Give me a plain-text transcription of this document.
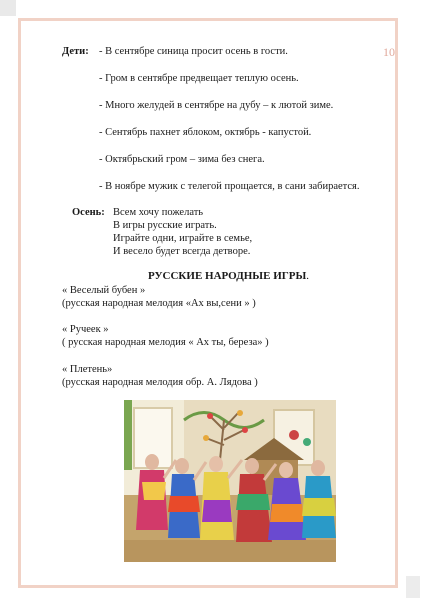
10
Дети: - В сентябре синица просит осень в гости.
- Гром в сентябре предвещает теплую осень.
- Много желудей в сентябре на дубу – к лютой зиме.
- Сентябрь пахнет яблоком, октябрь - капустой.
- Октябрьский гром – зима без снега.
- В ноябре мужик с телегой прощается, в сани забирается.
Осень: Всем хочу пожелать
В игры русские играть.
Играйте одни, играйте в семье,
И весело будет всегда детворе.
РУССКИЕ НАРОДНЫЕ ИГРЫ.
« Веселый бубен »
(русская народная мелодия «Ах вы,сени » )
« Ручеек »
( русская народная мелодия « Ах ты, береза» )
« Плетень»
(русская народная мелодия обр. А. Лядова )
